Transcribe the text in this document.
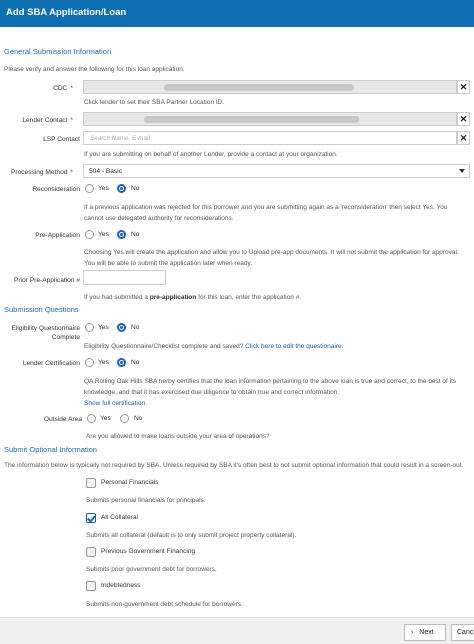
Add SBA Application/Loan
General Submission Information
Please verify and answer the following for this loan application.
CDC *	✕
Click lender to set their SBA Partner Location ID.
Lender Contact *	✕
LSP Contact Search Name, E-mail	✕
If you are submitting on behalf of another Lender, provide a contact at your organization.
Processing Method * 504 - Basic
Reconsideration	Yes	No
If a previous application was rejected for this borrower and you are submitting again as a 'reconsideration' then select Yes. You
cannot use delegated authority for reconsiderations.
Pre-Application	Yes	No
Choosing Yes will create the application and allow you to Upload pre-app documents. It will not submit the application for approval.
You will be able to submit the application later when ready.
Prior Pre-Application #
If you had submitted a pre-application for this loan, enter the application #.
Submission Questions
Eligibility Questionnaire
Complete
Yes	No
Eligibility Questionnaire/Checklist complete and saved? Click here to edit the questionaire.
Lender Certification	Yes	No
QA Rolling Oak Hills SBA herby certifies that the loan information pertaining to the above loan is true and correct, to the best of its
knowledge, and that it has exercised due diligence to obtain true and correct information.
Show full certification
Outside Area	Yes	No
Are you allowed to make loans outside your area of operations?
Submit Optional Information
The information below is typically not required by SBA. Unless required by SBA it's often best to not submit optional information that could result in a screen-out.
Personal Financials
Submits personal financials for principals.
All Collateral
Submits all collateral (default is to only submit project property collateral).
Previous Government Financing
Submits prior government debt for borrowers.
Indebtedness
Submits non-government debt schedule for borrowers.
› Next	Canc
